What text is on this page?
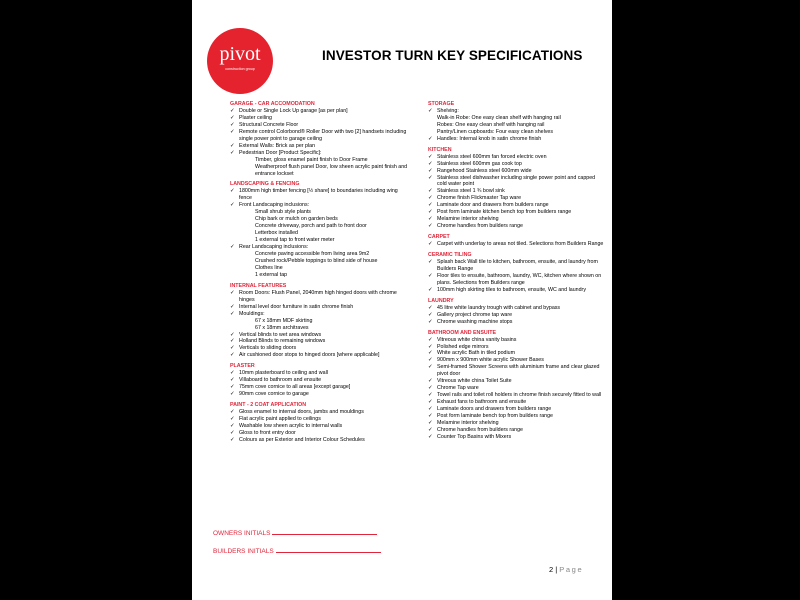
pivot
construction group
INVESTOR TURN KEY SPECIFICATIONS
GARAGE - CAR ACCOMODATION
✓ Double or Single Lock Up garage [as per plan]
✓ Plaster ceiling
✓ Structural Concrete Floor
✓ Remote control Colorbond® Roller Door with two [2] handsets including single power point to garage ceiling
✓ External Walls: Brick as per plan
✓ Pedestrian Door [Product Specific]:
Timber, gloss enamel paint finish to Door Frame
Weatherproof flush panel Door, low sheen acrylic paint finish and entrance lockset
LANDSCAPING & FENCING
✓ 1800mm high timber fencing [½ share] to boundaries including wing fence
✓ Front Landscaping inclusions:
Small shrub style plants
Chip bark or mulch on garden beds
Concrete driveway, porch and path to front door
Letterbox installed
1 external tap to front water meter
✓ Rear Landscaping inclusions:
Concrete paving accessible from living area 9m2
Crushed rock/Pebble toppings to blind side of house
Clothes line
1 external tap
INTERNAL FEATURES
✓ Room Doors: Flush Panel, 2040mm high hinged doors with chrome hinges
✓ Internal level door furniture in satin chrome finish
✓ Mouldings:
67 x 18mm MDF skirting
67 x 18mm architraves
✓ Vertical blinds to wet area windows
✓ Holland Blinds to remaining windows
✓ Verticals to sliding doors
✓ Air cushioned door stops to hinged doors [where applicable]
PLASTER
✓ 10mm plasterboard to ceiling and wall
✓ Villaboard to bathroom and ensuite
✓ 75mm cove cornice to all areas [except garage]
✓ 90mm cove cornice to garage
PAINT - 2 COAT APPLICATION
✓ Gloss enamel to internal doors, jambs and mouldings
✓ Flat acrylic paint applied to ceilings
✓ Washable low sheen acrylic to internal walls
✓ Gloss to front entry door
✓ Colours as per Exterior and Interior Colour Schedules
STORAGE
✓ Shelving:
Walk-in Robe: One easy clean shelf with hanging rail
Robes: One easy clean shelf with hanging rail
Pantry/Linen cupboards: Four easy clean shelves
✓ Handles: Internal knob in satin chrome finish
KITCHEN
✓ Stainless steel 600mm fan forced electric oven
✓ Stainless steel 600mm gas cook top
✓ Rangehood Stainless steel 600mm wide
✓ Stainless steel dishwasher including single power point and capped cold water point
✓ Stainless steel 1 ¾ bowl sink
✓ Chrome finish Flickmaster Tap ware
✓ Laminate door and drawers from builders range
✓ Post form laminate kitchen bench top from builders range
✓ Melamine interior shelving
✓ Chrome handles from builders range
CARPET
✓ Carpet with underlay to areas not tiled. Selections from Builders Range
CERAMIC TILING
✓ Splash back Wall tile to kitchen, bathroom, ensuite, and laundry from Builders Range
✓ Floor tiles to ensuite, bathroom, laundry, WC, kitchen where shown on plans. Selections from Builders range
✓ 100mm high skirting tiles to bathroom, ensuite, WC and laundry
LAUNDRY
✓ 45 litre white laundry trough with cabinet and bypass
✓ Gallery project chrome tap ware
✓ Chrome washing machine stops
BATHROOM AND ENSUITE
✓ Vitreous white china vanity basins
✓ Polished edge mirrors
✓ White acrylic Bath in tiled podium
✓ 900mm x 900mm white acrylic Shower Bases
✓ Semi-framed Shower Screens with aluminium frame and clear glazed pivot door
✓ Vitreous white china Toilet Suite
✓ Chrome Tap ware
✓ Towel rails and toilet roll holders in chrome finish securely fitted to wall
✓ Exhaust fans to bathroom and ensuite
✓ Laminate doors and drawers from builders range
✓ Post form laminate bench top from builders range
✓ Melamine interior shelving
✓ Chrome handles from builders range
✓ Counter Top Basins with Mixers
OWNERS INITIALS
BUILDERS INITIALS
2 | Page
